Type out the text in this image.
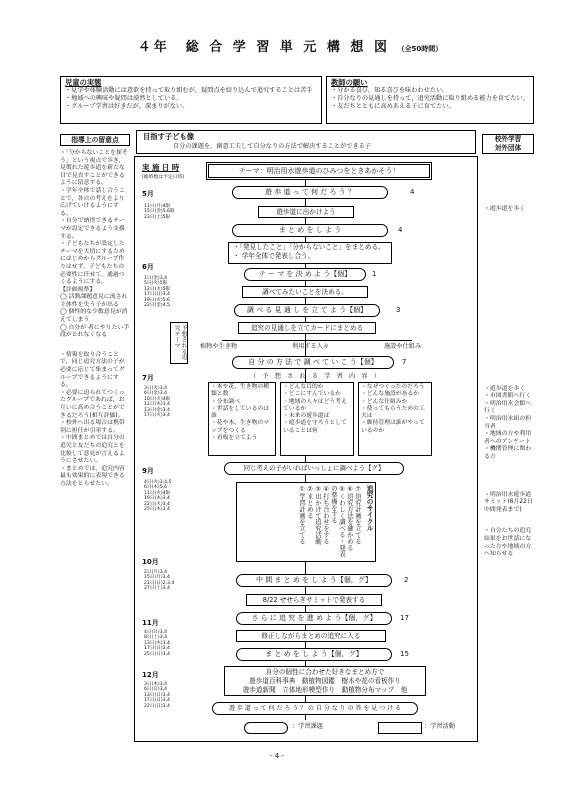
４年　総 合 学 習 単 元 構 想 図 （全50時間）
児童の実態
・見学や体験活動には意欲を持って取り組むが，疑問点を絞り込んで追究することは苦手
・地域への興味や疑問は漠然としている。
・グループ学習は好きだが，深まりがない。
教師の願い
・分かる喜び，知る喜びを味わわせたい。
・自分なりの見通しを持って，追究活動に取り組める能力を育てたい。
・友だちとともに高めあえる子に育てたい。
目指す子ども像
自分の課題を，創意工夫して自分なりの方法で解決することができる子
指導上の留意点
・「分からないことを探そう」という視点で歩き，見慣れた遊歩道を新たな目で見直すことができるように留意する。
・学年全体で話し合うことで，各自の考えをより広げていけるようにする。
・自分で納得できるテーマが設定できるよう支援する。
・子どもたちが設定したテーマを大切にするためにはじめからグループ作りはせず，子どもたちの必要性に任せて，通過つくるようにする。
【評価規準】
◯ 活動課題意見に流され主体性を失う子が出る
◯ 個性的な少数意見が消えてしまう
◯ 自分が 者にやりたい手段がとれなくなる
・情報を取り合うことで，同じ追究方法の子が必要に応じて集まってグループできるようにする。
・必要に迫られてつくったグループであれば，お互いに高め合うことができるだろう(相互評価)。
・校外へ出る場合は携帯別に担任が引率する。
・中間まとめでは自分の追究と友だちの追究とを比較して意見が言えるようにさせたい。
・まとめでは，追究内容最も効果的に表現できる方法をとらせたい。
校外学習
対外団体
・遊歩道を歩く
・遊歩道を歩く
・市図書館へ行く
・明治用水会館へ行く
・明治用水組の担当者
・地域の方や利用者へのアンケート
・機関管理に関わる方
・明治用水遊歩道サミット(6月22日中間発表まで)
・自分たちの追究結果をお世話になった方や地域の方へ知らせる
実 施 日 時
(総時数は予定日時)
テーマ：明治用水遊歩道のひみつをときあかそう！
5月
11日(月)4限
15日(金)5,6限
23日(土)5限
6月
1日(金)3,4
5日(火)5限
12日(火)5限
17日(日)3,4
19日(火)5,6
22日(金)4,5
7月
3日(火)3,4
6日(金)3,4
10日(火)4限
12日(木)3,4
13日(金)3,4
17日(火)3,4
9月
4日(火)3,4,5
6日(木)5,6
11日(火)4限
19日(木)3,4
22日(火)3,4
25日(木)3,4
10月
2日(月)3,4
15日(月)3,4
21日(日)2,3,4
27日(土)3,4
11月
4日(日)3,4
8日(土)3,4
13日(木)3,4
17日(日)3,4
25日(日)3,4
12月
3日(木)3,4
6日(日)3,4
13日(日)3,4
17日(日)3,4
22日(日)3,4
遊 歩 道 っ て 何 だ ろ う ？	4
遊歩道に出かけよう
ま と め を し よ う	4
・「発見したこと」「分からないこと」をまとめる。
・ 学年全体で発表し合う。
テ ー マ を 決 め よ う【個】	1
調べてみたいことを決める。
調 べ る 見 通 し を 立 て よ う【個】	3
追究の見通しを立てカードにまとめる
予想される追究テーマ	植物や生き物	利用する人々	施設や仕組み
自 分 の 方 法 で 調 べ て い こ う【個】	7
（　予　想　さ　れ　る　学　習　内　容　）
・木や花，生き物の種類と数
・分布調べ
・世話をしているのは誰
・花や木，生き物のマップをつくる
・看板を立てよう
・どんな目的か
・どこにすんでいるか
・地域の人々はどう考えているか
・未来の遊歩道は
・遊歩道を守ろうとしていることは何
・なぜつくったのだろう
・どんな施設があるか
・どんな仕組みか
・使ってもらうための工夫は
・維持管理は誰がやっているのか
同じ考えの子がいればいっしょに調べよう【グ】
追究のサイクル
⑦追究計画を立てる
⑥追究方法を確かめる
⑤くわしく調べる・発表の準備をする
④打ち合わせをする
③出かけて追究活動
②まとめる
①学習計画を立てる
中 間 ま と め を し よ う【個，グ】	2
8/22 せせらぎサミットで発表する
さ ら に 追 究 を 進 め よ う【個，グ】	17
修正しながらまとめの追究に入る
ま と め を し よ う【個，グ】	15
自分の個性に合わせた好きなまとめ方で
遊歩道百科事典　動植物図鑑　樹木や花の看板作り
遊歩道新聞　立体地形模型作り　動植物分布マップ　他
遊 歩 道 っ て 何 だ ろ う ？ の 自 分 な り の 答 を 見 つ け る
：学習課題	：学習活動
- 4 -
